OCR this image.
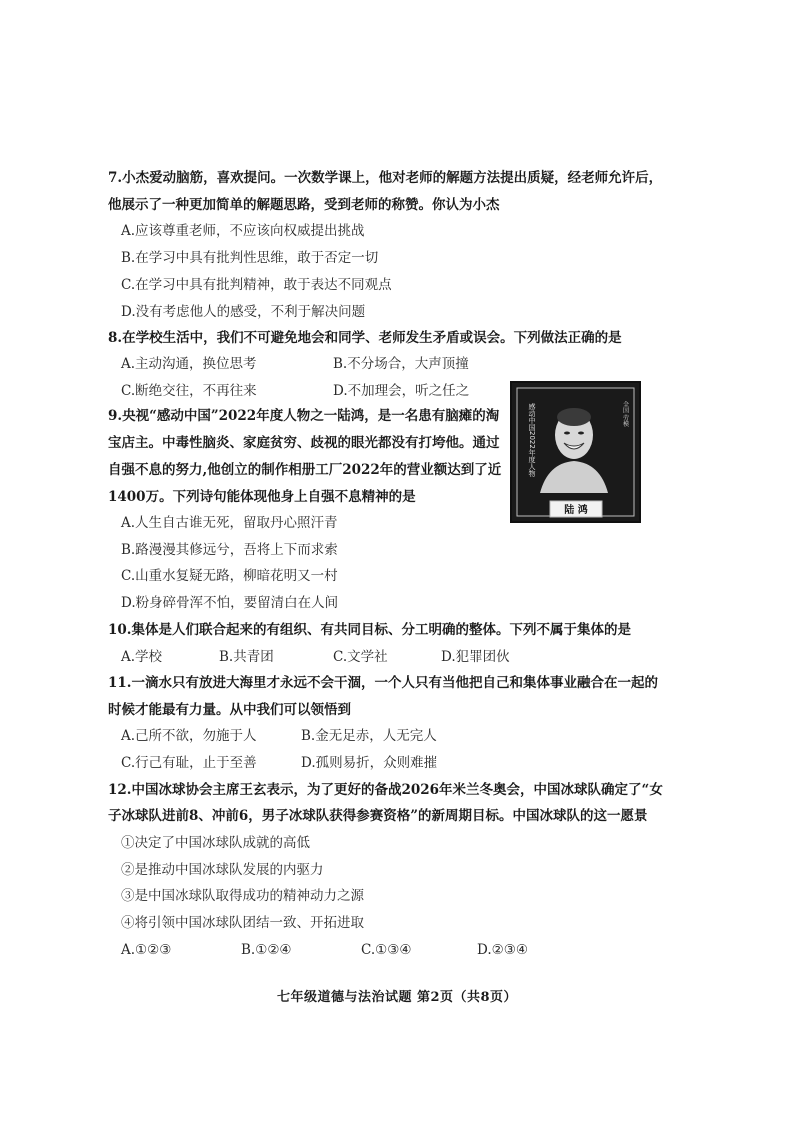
7.小杰爱动脑筋，喜欢提问。一次数学课上，他对老师的解题方法提出质疑，经老师允许后，
他展示了一种更加简单的解题思路，受到老师的称赞。你认为小杰
A.应该尊重老师，不应该向权威提出挑战
B.在学习中具有批判性思维，敢于否定一切
C.在学习中具有批判精神，敢于表达不同观点
D.没有考虑他人的感受，不利于解决问题
8.在学校生活中，我们不可避免地会和同学、老师发生矛盾或误会。下列做法正确的是
A.主动沟通，换位思考	B.不分场合，大声顶撞
C.断绝交往，不再往来	D.不加理会，听之任之
9.央视“感动中国”2022年度人物之一陆鸿，是一名患有脑瘫的淘
宝店主。中毒性脑炎、家庭贫穷、歧视的眼光都没有打垮他。通过
自强不息的努力,他创立的制作相册工厂2022年的营业额达到了近
1400万。下列诗句能体现他身上自强不息精神的是
A.人生自古谁无死，留取丹心照汗青
B.路漫漫其修远兮，吾将上下而求索
C.山重水复疑无路，柳暗花明又一村
D.粉身碎骨浑不怕，要留清白在人间
感动中国2022年度人物	全国 劳模
陆 鸿
10.集体是人们联合起来的有组织、有共同目标、分工明确的整体。下列不属于集体的是
A.学校	B.共青团	C.文学社	D.犯罪团伙
11.一滴水只有放进大海里才永远不会干涸，一个人只有当他把自己和集体事业融合在一起的
时候才能最有力量。从中我们可以领悟到
A.己所不欲，勿施于人	B.金无足赤，人无完人
C.行己有耻，止于至善	D.孤则易折，众则难摧
12.中国冰球协会主席王玄表示，为了更好的备战2026年米兰冬奥会，中国冰球队确定了“女
子冰球队进前8、冲前6，男子冰球队获得参赛资格”的新周期目标。中国冰球队的这一愿景
①决定了中国冰球队成就的高低
②是推动中国冰球队发展的内驱力
③是中国冰球队取得成功的精神动力之源
④将引领中国冰球队团结一致、开拓进取
A.①②③	B.①②④	C.①③④	D.②③④
七年级道德与法治试题 第2页（共8页）
